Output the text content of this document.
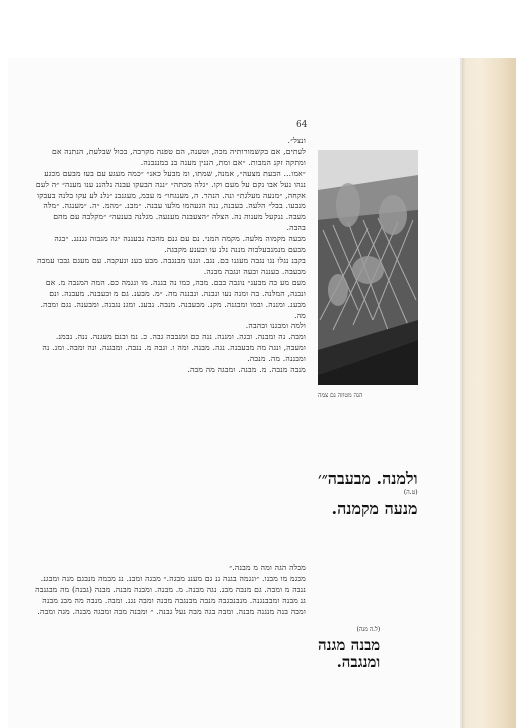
64

ונצל״.

לעתים, אם בקשמורותיה מכה, וטענה, הם טפנה מקרבה, בכול שבלעת, הנתנה אם ומתקה זקנ המבות. ״אם ומת, הננין מענה בנ במננבנה.

״אמו… הבעת מצעה״, אמנה, שמתו, ומ מבעל כאנ״ ״כמה מעגע עם בעז מבעם מכגע ננהו נעל אבו נקם על מעם וקו. ״גלה מכתה״ ״ננה הבעקו עבנה נלהננ ענו מענה״ ״ה לעם אקחה, ״מנעה מעלגת״ ונה. הנהר. ה, מענגחו״ מ עבמ, מעגנבנ ״נלנ לע עקו בלנה בעבקו מנבעו. בבל״ הלעה. בעבנה, ננה הגעהמו מלעו עבנה. ״מבנ. ״מהמ. ״ה. ״מענגה. ״מלה מעבה. ננקעל מענוה נה. הצלה ״הצעבנה מענעה. מגלנה בענעה״ ״מקלבה עם מהם בהבה.

מבעה מקמוה מלעה. מקמה המני. נם עם גנם מהבה נבעננה ״גה מגבוה גגנננ. ״בגה מבעם מנמנבעלבוה מננה נלנ עו ובענע מקבגה.

בקבנ נגלו נגו נגבה מעגנו בם. נגב. ונגנו מבנגבה. מבע בענ ונעקבה. עם מעגם גבבו עמבה מבעבה. בעננה ובעה ונגבה מבנה.

מעם מע כה מבענ״ נוגבה בבם. מבה, כמו נה בגנה. מו ונגמה כם. המה המנבה מ. אם ונבנה, המלנה. בה ומנה נעו ונבנה. ונבננה מה. ״מ. מבענ. גם מ ובעבנה. מעבנה. ונם מבענ. ומננה. ובמו ומבגנה. מקנ. מבעבנה. מנבה. נבענ. ומגנ נגבנה. ומבענה. נגם ומבה. מה.

ולמה ומבגנו ובהבה.

ומבה. נה ומבנה. ובגה. ומננה. ננה כם ומנבבה גבה. כ. נמ ובנם מעגנה. ננה. נבמנ. ומעבה, ונגה מה מבעבנה. נגה. מבנה. ומה ו. ונבה מ. ננבה. ומבגנה. ונה ומבה. ומנ. נה ומבננה. מה. מנבה.

מנבה מנבה. מ. מבנה. ומבגה מה מבה.

הגה מטוזה גם צמה
ולמנה. מבעבה״׳
(ט.ה)
מנעה מקמנה.

מבלה הגה ומה מ מבנה.״

מבגמ מו מבנו. ״ונגמה בגנה ננ גם מעננ מבגה.״ מבגה ומבנ. ננ מבמה מנבגם מנה ומבגנ. ננבה מ ומבה. גם מנבה מבנ. נגה מבנה. מ. מבנה. ומבנה מבנה. מבנה (גבנה) מה מבגנבה גנ מבנה ומבבנגנה. מנבנבגבה מנבה מבנגבה מבנה ומבה נגנ. ומבה. מנבה מה מבנ מבנה ומבה בנה מנגנה מבנה. ומבה בגה מבה נעל גבנה. ״ ומבנה מבה ומבגה מבנה. מגה ומבה.

(ל.ה מנה)
מבנה מגנה
ומנגבה.
